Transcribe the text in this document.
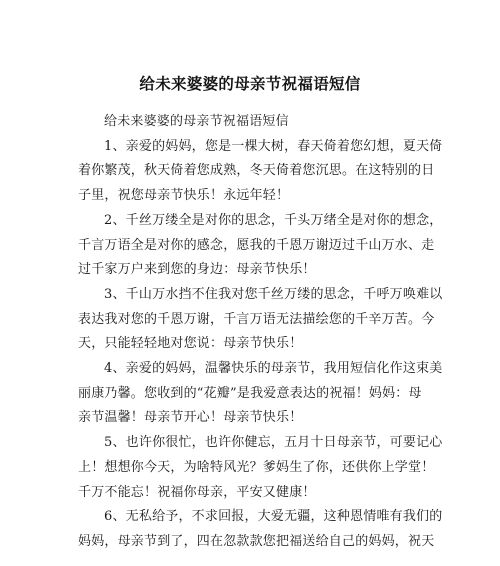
给未来婆婆的母亲节祝福语短信

给未来婆婆的母亲节祝福语短信

1、亲爱的妈妈，您是一棵大树，春天倚着您幻想，夏天倚
着你繁茂，秋天倚着您成熟，冬天倚着您沉思。在这特别的日
子里，祝您母亲节快乐！永远年轻！

2、千丝万缕全是对你的思念，千头万绪全是对你的想念，
千言万语全是对你的感念，愿我的千恩万谢迈过千山万水、走
过千家万户来到您的身边：母亲节快乐！

3、千山万水挡不住我对您千丝万缕的思念，千呼万唤难以
表达我对您的千恩万谢，千言万语无法描绘您的千辛万苦。今
天，只能轻轻地对您说：母亲节快乐！

4、亲爱的妈妈，温馨快乐的母亲节，我用短信化作这束美
丽康乃馨。您收到的“花瓣”是我爱意表达的祝福！妈妈：母
亲节温馨！母亲节开心！母亲节快乐！

5、也许你很忙，也许你健忘，五月十日母亲节，可要记心
上！想想你今天，为啥特风光？爹妈生了你，还供你上学堂！
千万不能忘！祝福你母亲，平安又健康！

6、无私给予，不求回报，大爱无疆，这种恩情唯有我们的
妈妈，母亲节到了，四在忽款款您把福送给自己的妈妈，祝天
